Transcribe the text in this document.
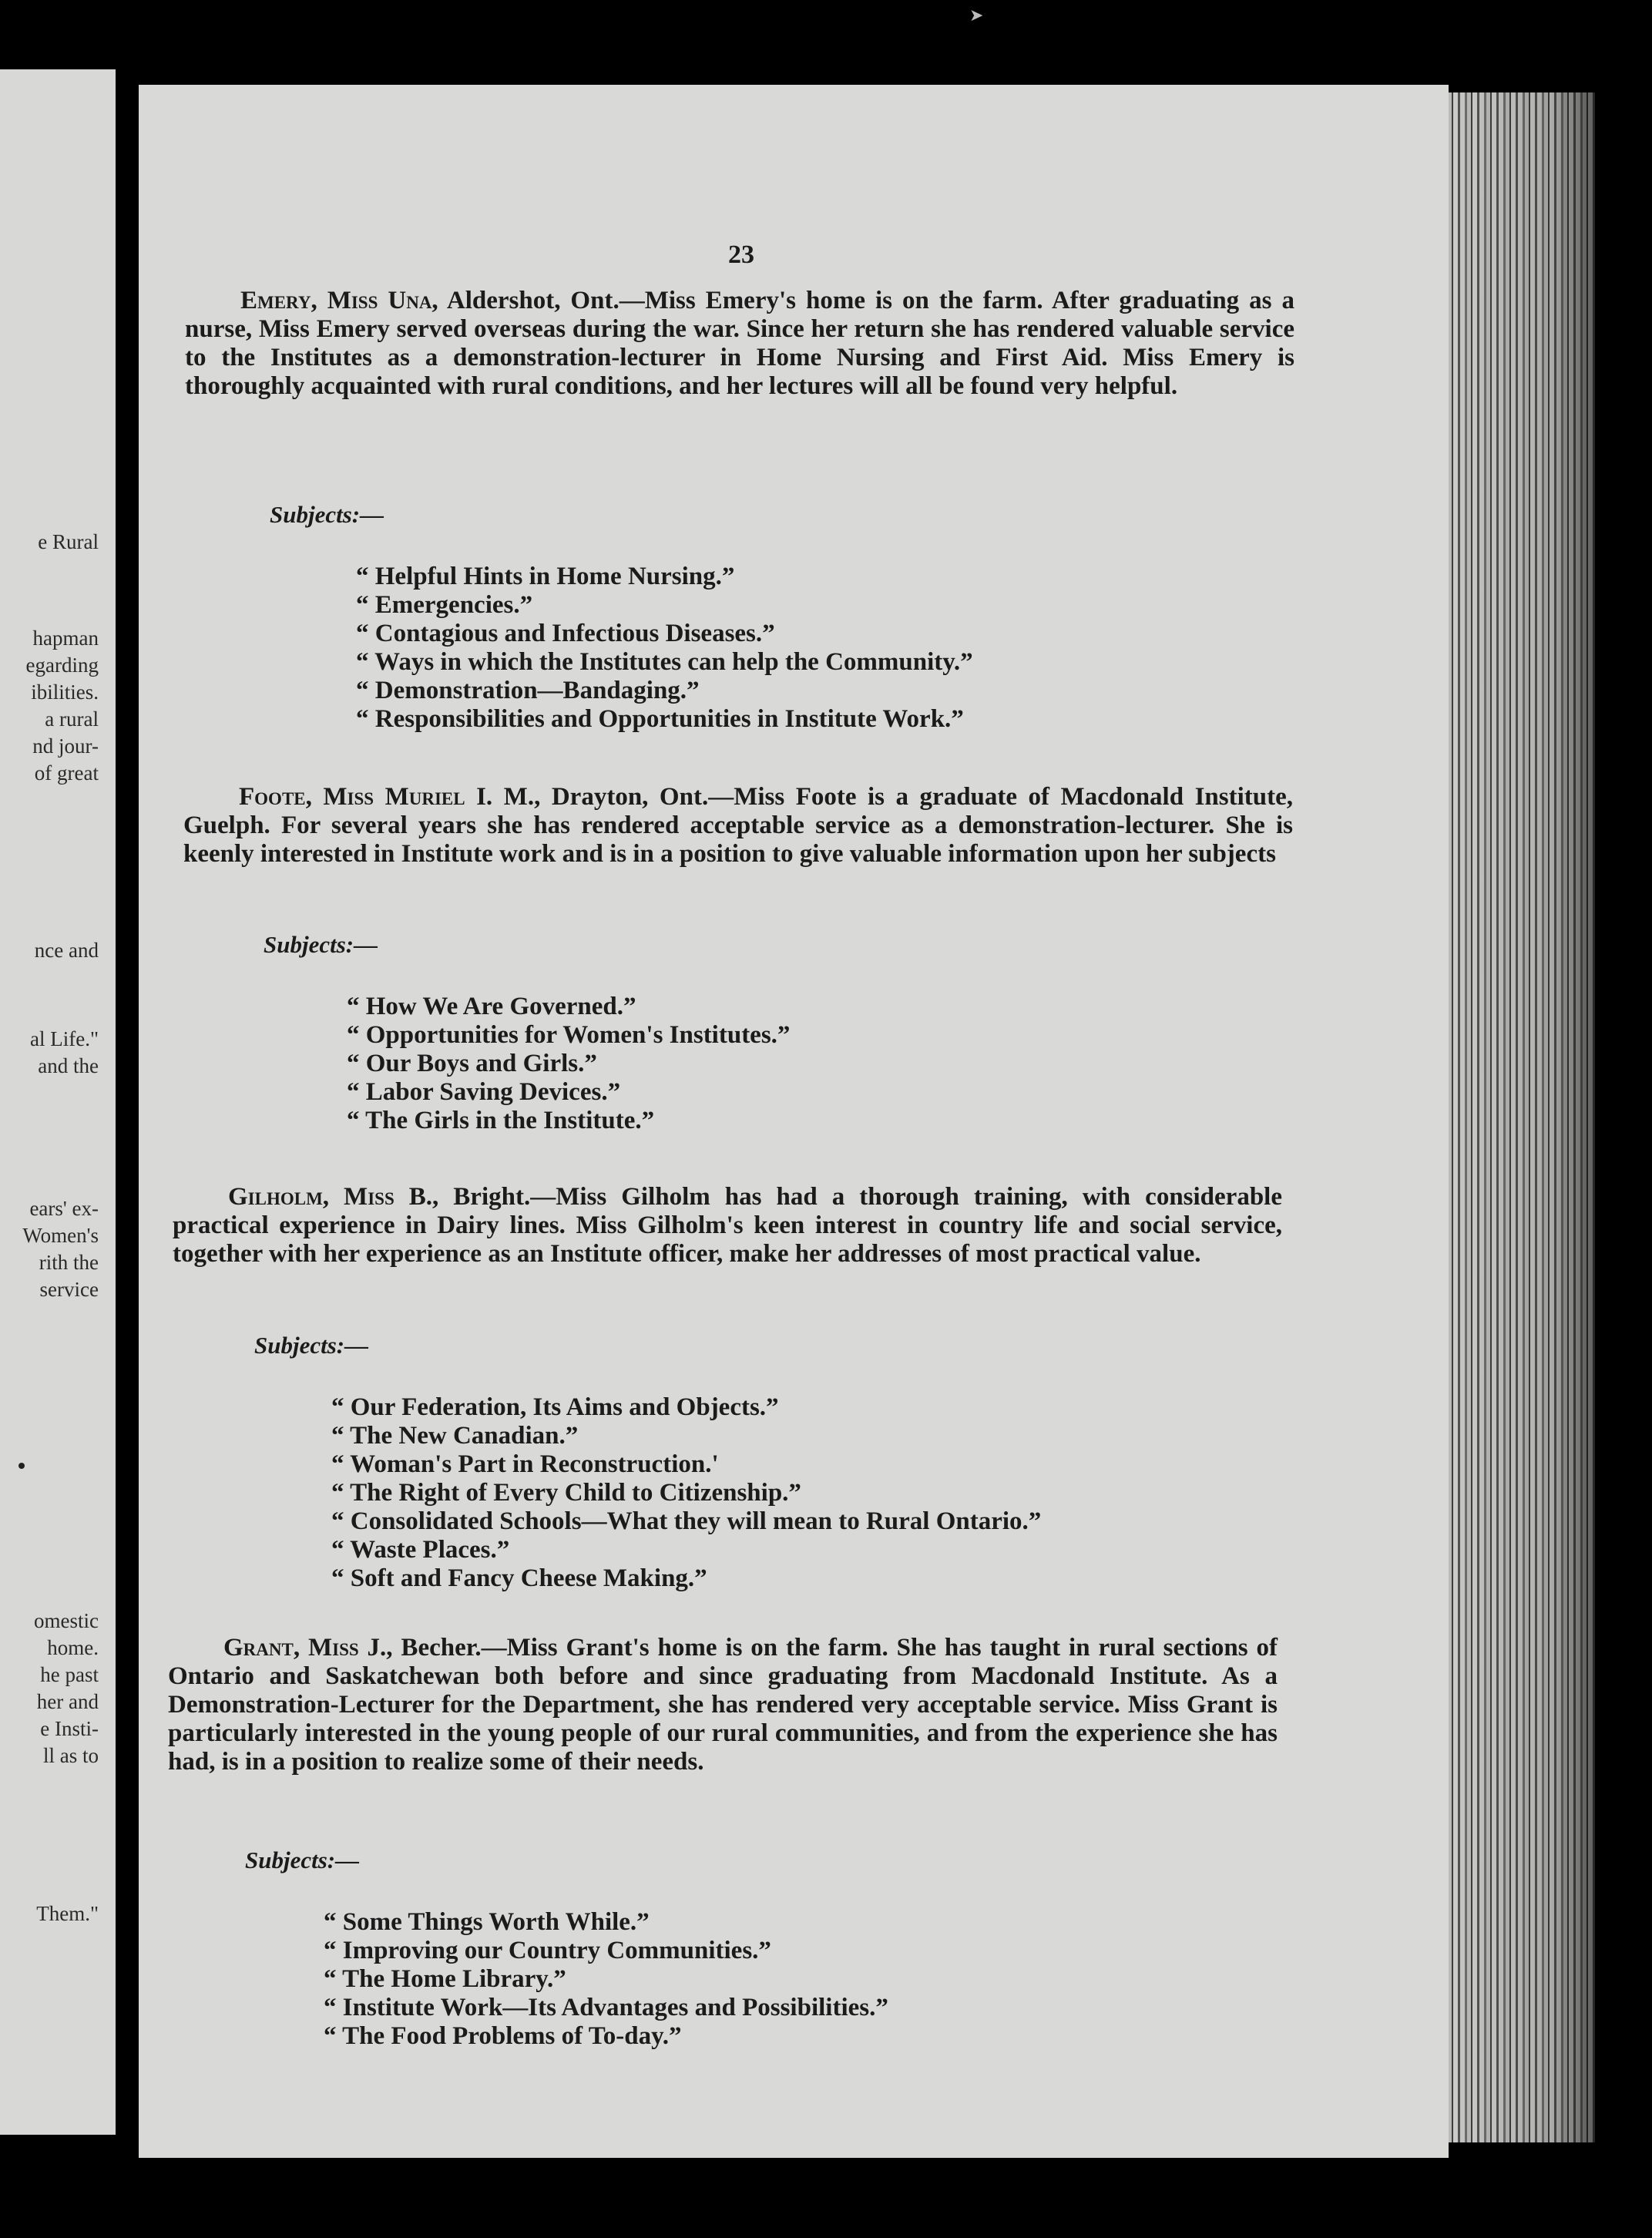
➤
e Rural
hapman
egarding
ibilities.
a rural
nd jour-
of great
nce and
al Life."
and the
ears' ex-
Women's
rith the
service
omestic
home.
he past
her and
e Insti-
ll as to
Them."
23

Emery, Miss Una, Aldershot, Ont.—Miss Emery's home is on the farm. After graduating as a nurse, Miss Emery served overseas during the war. Since her return she has rendered valuable service to the Institutes as a demonstration-lecturer in Home Nursing and First Aid. Miss Emery is thoroughly acquainted with rural conditions, and her lectures will all be found very helpful.

Subjects:—
“ Helpful Hints in Home Nursing.”
“ Emergencies.”
“ Contagious and Infectious Diseases.”
“ Ways in which the Institutes can help the Community.”
“ Demonstration—Bandaging.”
“ Responsibilities and Opportunities in Institute Work.”

Foote, Miss Muriel I. M., Drayton, Ont.—Miss Foote is a graduate of Macdonald Institute, Guelph. For several years she has rendered acceptable service as a demonstration-lecturer. She is keenly interested in Institute work and is in a position to give valuable information upon her subjects

Subjects:—
“ How We Are Governed.”
“ Opportunities for Women's Institutes.”
“ Our Boys and Girls.”
“ Labor Saving Devices.”
“ The Girls in the Institute.”

Gilholm, Miss B., Bright.—Miss Gilholm has had a thorough training, with considerable practical experience in Dairy lines. Miss Gilholm's keen interest in country life and social service, together with her experience as an Institute officer, make her addresses of most practical value.

Subjects:—
“ Our Federation, Its Aims and Objects.”
“ The New Canadian.”
“ Woman's Part in Reconstruction.'
“ The Right of Every Child to Citizenship.”
“ Consolidated Schools—What they will mean to Rural Ontario.”
“ Waste Places.”
“ Soft and Fancy Cheese Making.”

Grant, Miss J., Becher.—Miss Grant's home is on the farm. She has taught in rural sections of Ontario and Saskatchewan both before and since graduating from Macdonald Institute. As a Demonstration-Lecturer for the Department, she has rendered very acceptable service. Miss Grant is particularly interested in the young people of our rural communities, and from the experience she has had, is in a position to realize some of their needs.

Subjects:—
“ Some Things Worth While.”
“ Improving our Country Communities.”
“ The Home Library.”
“ Institute Work—Its Advantages and Possibilities.”
“ The Food Problems of To-day.”
